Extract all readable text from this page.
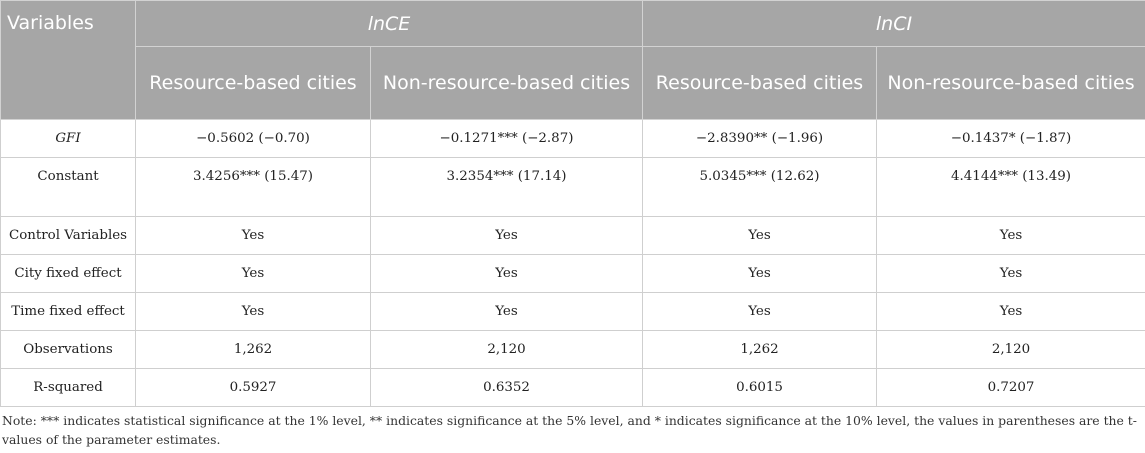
Variables	lnCE		lnCI	
	Resource-based cities	Non-resource-based cities	Resource-based cities	Non-resource-based cities
GFI	−0.5602 (−0.70)	−0.1271*** (−2.87)	−2.8390** (−1.96)	−0.1437* (−1.87)
Constant	3.4256*** (15.47)	3.2354*** (17.14)	5.0345*** (12.62)	4.4144*** (13.49)
Control Variables	Yes	Yes	Yes	Yes
City fixed effect	Yes	Yes	Yes	Yes
Time fixed effect	Yes	Yes	Yes	Yes
Observations	1,262	2,120	1,262	2,120
R-squared	0.5927	0.6352	0.6015	0.7207
Note: *** indicates statistical significance at the 1% level, ** indicates significance at the 5% level, and * indicates significance at the 10% level, the values in parentheses are the t-values of the parameter estimates.
